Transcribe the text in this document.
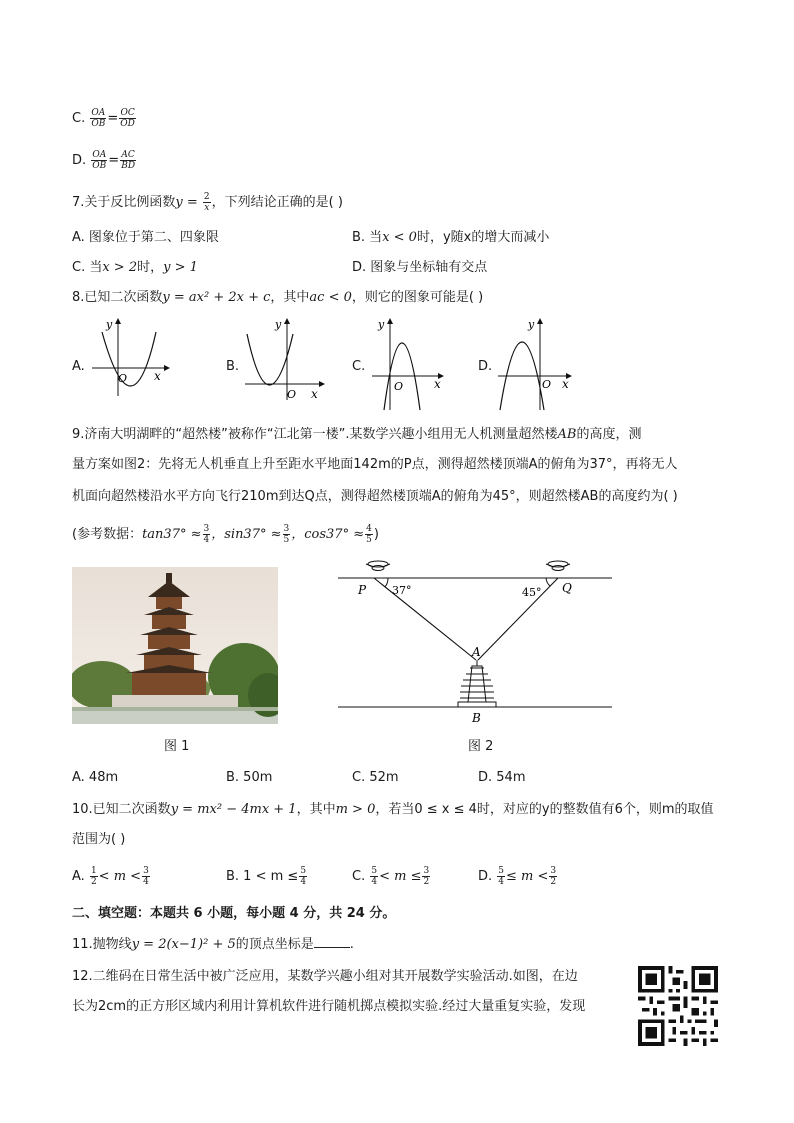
C. $\frac{OA}{OB} = \frac{OC}{OD}$
D. $\frac{OA}{OB} = \frac{AC}{BD}$
7.关于反比例函数$y = \frac{2}{x}$ ，下列结论正确的是( )
A. 图象位于第二、四象限	B. 当x < 0时，y随x的增大而减小
C. 当x > 2时，y > 1	D. 图象与坐标轴有交点
8.已知二次函数y = ax² + 2x + c，其中ac < 0，则它的图象可能是( )
A.	B.	C.	D.
y
x
O
y
x
O
y
x
O
y
x
O
9.济南大明湖畔的“超然楼”被称作“江北第一楼”.某数学兴趣小组用无人机测量超然楼AB的高度，测
量方案如图2：先将无人机垂直上升至距水平地面142m的P点，测得超然楼顶端A的俯角为37°，再将无人
机面向超然楼沿水平方向飞行210m到达Q点，测得超然楼顶端A的俯角为45°，则超然楼AB的高度约为( )
(参考数据：$\tan 37^\circ \approx \frac{3}{4}$ ，$\sin 37^\circ \approx \frac{3}{5}$ ，$\cos 37^\circ \approx \frac{4}{5}$ )
图 1
P	Q
A
B
37°	45°
图 2
A. 48m	B. 50m	C. 52m	D. 54m
10.已知二次函数y = mx² − 4mx + 1，其中m > 0，若当0 ≤ x ≤ 4时，对应的y的整数值有6个，则m的取值
范围为( )
A. $\frac{1}{2} < m < \frac{3}{4}$	B. $1 < m \le \frac{5}{4}$	C. $\frac{5}{4} < m \le \frac{3}{2}$	D. $\frac{5}{4} \le m < \frac{3}{2}$
二、填空题：本题共 6 小题，每小题 4 分，共 24 分。
11.抛物线y = 2(x−1)² + 5的顶点坐标是	.
12.二维码在日常生活中被广泛应用，某数学兴趣小组对其开展数学实验活动.如图，在边
长为2cm的正方形区域内利用计算机软件进行随机掷点模拟实验.经过大量重复实验，发现
